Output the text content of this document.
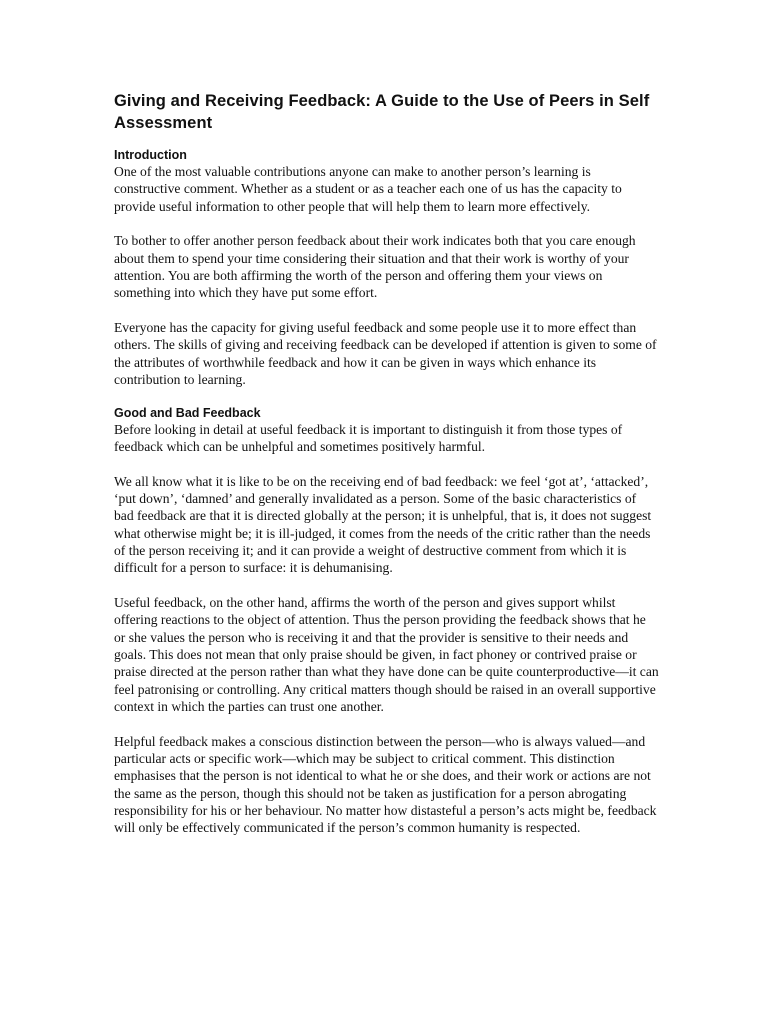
Giving and Receiving Feedback: A Guide to the Use of Peers in Self Assessment
Introduction

One of the most valuable contributions anyone can make to another person’s learning is constructive comment. Whether as a student or as a teacher each one of us has the capacity to provide useful information to other people that will help them to learn more effectively.

To bother to offer another person feedback about their work indicates both that you care enough about them to spend your time considering their situation and that their work is worthy of your attention. You are both affirming the worth of the person and offering them your views on something into which they have put some effort.

Everyone has the capacity for giving useful feedback and some people use it to more effect than others. The skills of giving and receiving feedback can be developed if attention is given to some of the attributes of worthwhile feedback and how it can be given in ways which enhance its contribution to learning.

Good and Bad Feedback

Before looking in detail at useful feedback it is important to distinguish it from those types of feedback which can be unhelpful and sometimes positively harmful.

We all know what it is like to be on the receiving end of bad feedback: we feel ‘got at’, ‘attacked’, ‘put down’, ‘damned’ and generally invalidated as a person. Some of the basic characteristics of bad feedback are that it is directed globally at the person; it is unhelpful, that is, it does not suggest what otherwise might be; it is ill-judged, it comes from the needs of the critic rather than the needs of the person receiving it; and it can provide a weight of destructive comment from which it is difficult for a person to surface: it is dehumanising.

Useful feedback, on the other hand, affirms the worth of the person and gives support whilst offering reactions to the object of attention. Thus the person providing the feedback shows that he or she values the person who is receiving it and that the provider is sensitive to their needs and goals. This does not mean that only praise should be given, in fact phoney or contrived praise or praise directed at the person rather than what they have done can be quite counterproductive—it can feel patronising or controlling. Any critical matters though should be raised in an overall supportive context in which the parties can trust one another.

Helpful feedback makes a conscious distinction between the person—who is always valued—and particular acts or specific work—which may be subject to critical comment. This distinction emphasises that the person is not identical to what he or she does, and their work or actions are not the same as the person, though this should not be taken as justification for a person abrogating responsibility for his or her behaviour. No matter how distasteful a person’s acts might be, feedback will only be effectively communicated if the person’s common humanity is respected.
